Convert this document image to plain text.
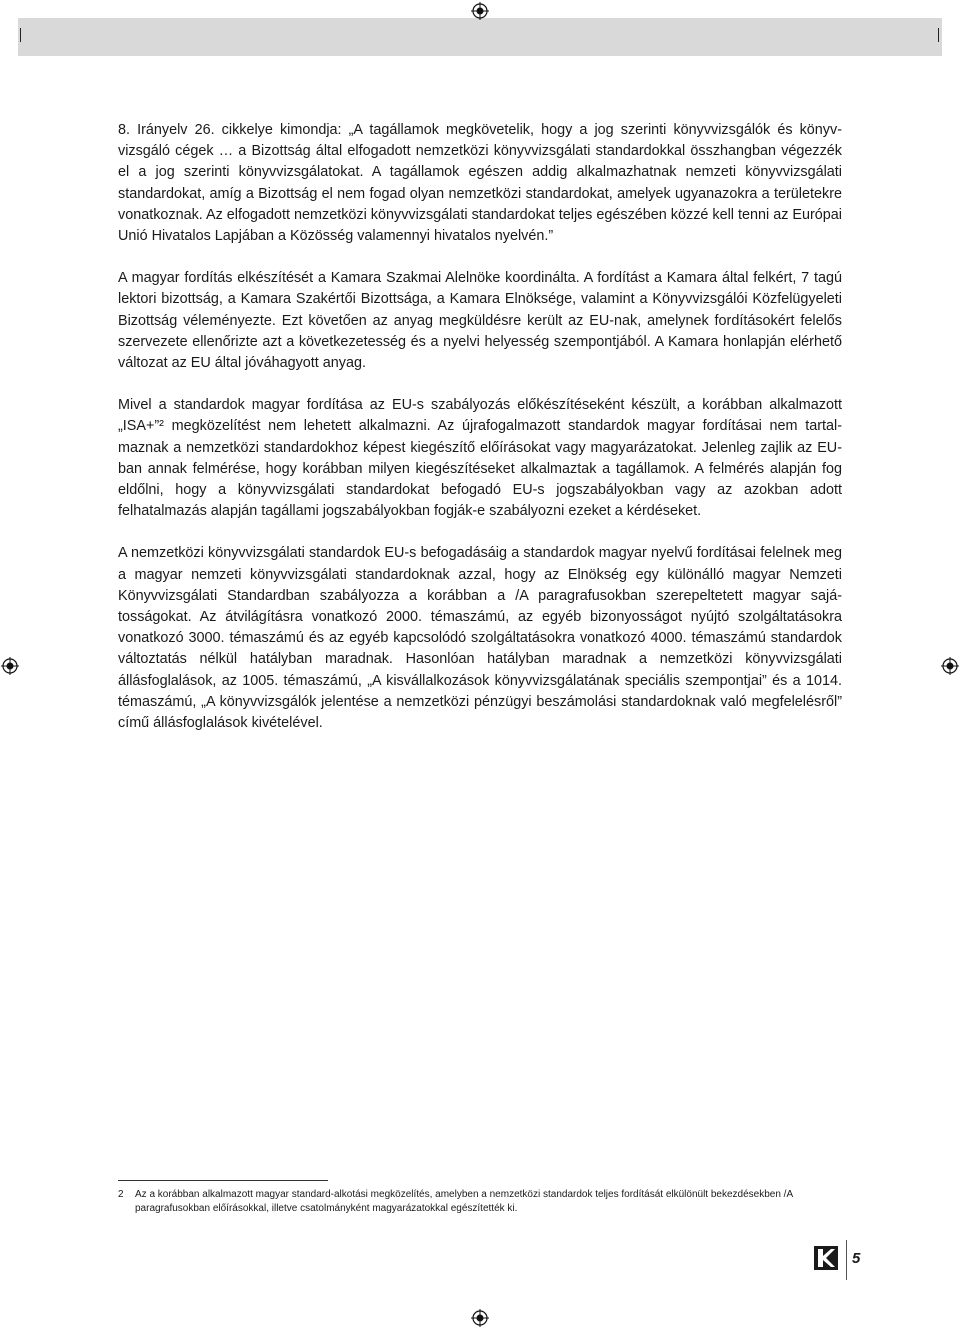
8. Irányelv 26. cikkelye kimondja: „A tagállamok megkövetelik, hogy a jog szerinti könyvvizsgálók és könyvvizsgáló cégek … a Bizottság által elfogadott nemzetközi könyvvizsgálati standardokkal összhangban végezzék el a jog szerinti könyvvizsgálatokat. A tagállamok egészen addig alkalmazhatnak nemzeti könyvvizsgálati standardokat, amíg a Bizottság el nem fogad olyan nemzetközi standardokat, amelyek ugyanazokra a területekre vonatkoznak. Az elfogadott nemzetközi könyvvizsgálati standardokat teljes egészében közzé kell tenni az Európai Unió Hivatalos Lapjában a Közösség valamennyi hivatalos nyelvén.”

A magyar fordítás elkészítését a Kamara Szakmai Alelnöke koordinálta. A fordítást a Kamara által felkért, 7 tagú lektori bizottság, a Kamara Szakértői Bizottsága, a Kamara Elnöksége, valamint a Könyvvizsgálói Közfelügyeleti Bizottság véleményezte. Ezt követően az anyag megküldésre került az EU-nak, amelynek fordításokért felelős szervezete ellenőrizte azt a következetesség és a nyelvi helyesség szempontjából. A Kamara honlapján elérhető változat az EU által jóváhagyott anyag.

Mivel a standardok magyar fordítása az EU-s szabályozás előkészítéseként készült, a korábban alkalmazott „ISA+”² megközelítést nem lehetett alkalmazni. Az újrafogalmazott standardok magyar fordításai nem tartalmaznak a nemzetközi standardokhoz képest kiegészítő előírásokat vagy magyarázatokat. Jelenleg zajlik az EU-ban annak felmérése, hogy korábban milyen kiegészítéseket alkalmaztak a tagállamok. A felmérés alapján fog eldőlni, hogy a könyvvizsgálati standardokat befogadó EU-s jogszabályokban vagy az azokban adott felhatalmazás alapján tagállami jogszabályokban fogják-e szabályozni ezeket a kérdéseket.

A nemzetközi könyvvizsgálati standardok EU-s befogadásáig a standardok magyar nyelvű fordításai felelnek meg a magyar nemzeti könyvvizsgálati standardoknak azzal, hogy az Elnökség egy különálló magyar Nemzeti Könyvvizsgálati Standardban szabályozza a korábban a /A paragrafusokban szerepeltetett magyar sajátosságokat. Az átvilágításra vonatkozó 2000. témaszámú, az egyéb bizonyosságot nyújtó szolgáltatásokra vonatkozó 3000. témaszámú és az egyéb kapcsolódó szolgáltatásokra vonatkozó 4000. témaszámú standardok változtatás nélkül hatályban maradnak. Hasonlóan hatályban maradnak a nemzetközi könyvvizsgálati állásfoglalások, az 1005. témaszámú, „A kisvállalkozások könyvvizsgálatának speciális szempontjai” és a 1014. témaszámú, „A könyvvizsgálók jelentése a nemzetközi pénzügyi beszámolási standardoknak való megfelelésről” című állásfoglalások kivételével.

2 Az a korábban alkalmazott magyar standard-alkotási megközelítés, amelyben a nemzetközi standardok teljes fordítását elkülönült bekezdésekben /A paragrafusokban előírásokkal, illetve csatolmányként magyarázatokkal egészítették ki.
5
